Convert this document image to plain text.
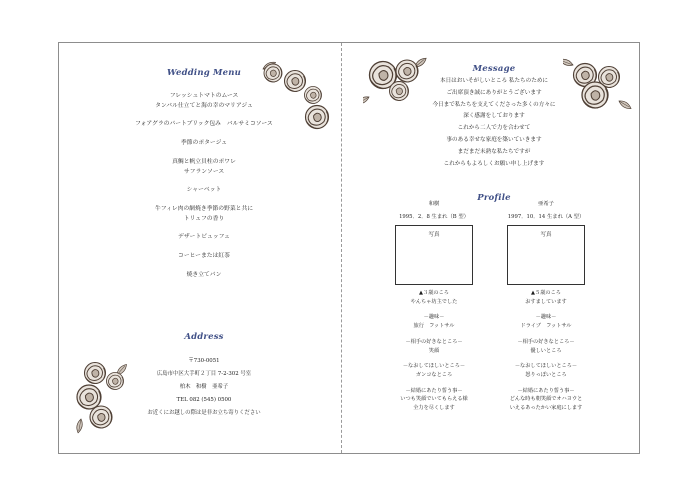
Wedding Menu
フレッシュトマトのムース
タンバル仕立てと海の幸のマリアジュ
フォアグラのパートブリック包み　バルサミコソース
季節のポタージュ
真鯛と帆立貝柱のポワレ
サフランソース
シャーベット
牛フィレ肉の網焼き季節の野菜と共に
トリュフの香り
デザートビュッフェ
コーヒーまたは紅茶
焼き立てパン
Address
〒730-0051
広島市中区大手町２丁目 7-2-302 号室
柏木　和樹　亜希子
TEL 082 (545) 0500
お近くにお越しの際は是非お立ち寄りください
Message
本日はおいそがしいところ 私たちのために
ご出席頂き誠にありがとうございます
今日まで私たちを支えてくださった多くの方々に
深く感謝をしております
これから二人で力を合わせて
事のある幸せな家庭を築いていきます
まだまだ未熟な私たちですが
これからもよろしくお願い申し上げます
Profile
和樹
1995．2．8 生まれ（B 型）
写真
▲３歳のころ
やんちゃ坊主でした
－趣味－
旅行　フットサル
－相手の好きなところ－
笑顔
－なおしてほしいところ－
ガンコなところ
－結婚にあたり誓う事－
いつも笑顔でいてもらえる様
全力を尽くします
亜希子
1997．10．14 生まれ（A 型）
写真
▲５歳のころ
おすましています
－趣味－
ドライブ　フットサル
－相手の好きなところ－
優しいところ
－なおしてほしいところ－
怒りっぽいところ
－結婚にあたり誓う事－
どんな時も朝笑顔でオハヨウと
いえるあったかい家庭にします
